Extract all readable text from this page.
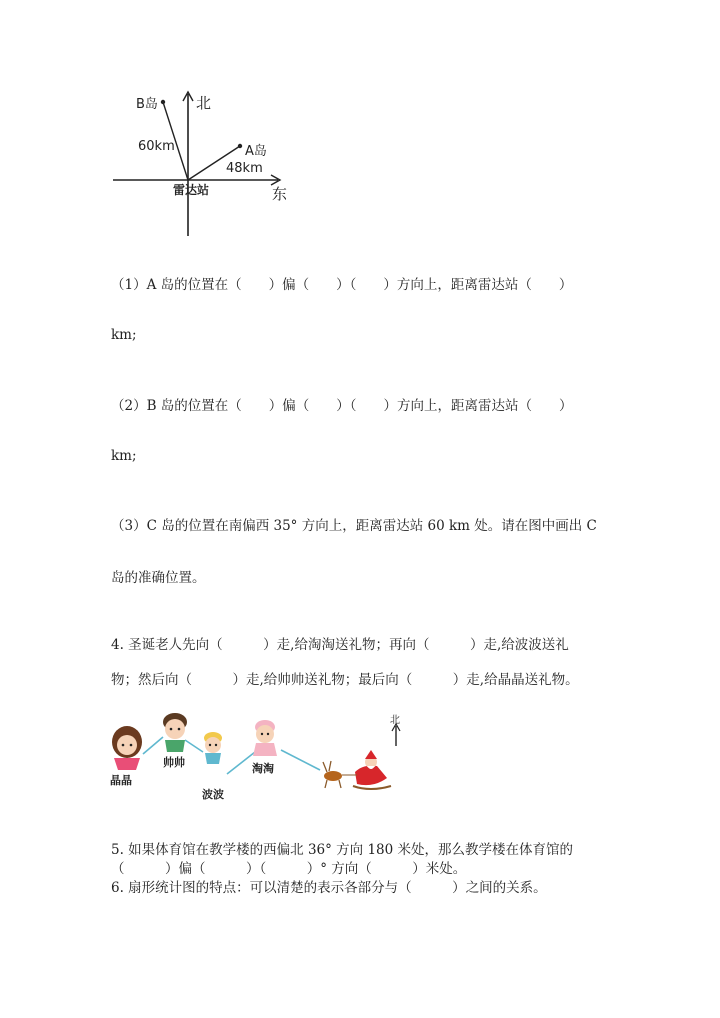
北
B岛
60km	A岛
48km
雷达站	东
（1）A 岛的位置在（　　）偏（　　）（　　）方向上，距离雷达站（　　）
km;
（2）B 岛的位置在（　　）偏（　　）（　　）方向上，距离雷达站（　　）
km;
（3）C 岛的位置在南偏西 35° 方向上，距离雷达站 60 km 处。请在图中画出 C
岛的准确位置。
4. 圣诞老人先向（　　　）走,给淘淘送礼物；再向（　　　）走,给波波送礼
物；然后向（　　　）走,给帅帅送礼物；最后向（　　　）走,给晶晶送礼物。
晶晶
帅帅
波波
淘淘
北
5. 如果体育馆在教学楼的西偏北 36° 方向 180 米处，那么教学楼在体育馆的
（　　　）偏（　　　）（　　　）° 方向（　　　）米处。
6. 扇形统计图的特点：可以清楚的表示各部分与（　　　）之间的关系。
